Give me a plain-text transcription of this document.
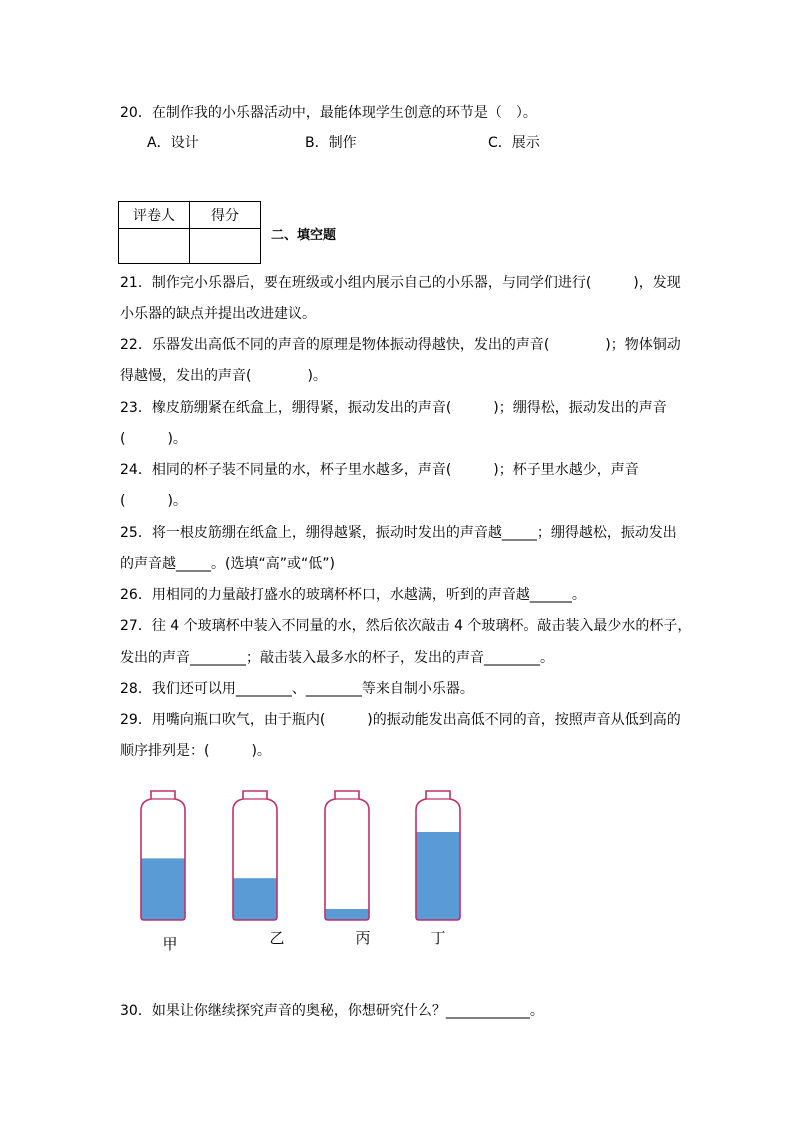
20．在制作我的小乐器活动中，最能体现学生创意的环节是（　）。
A．设计	B．制作	C．展示
评卷人	得分

二、填空题
21．制作完小乐器后，要在班级或小组内展示自己的小乐器，与同学们进行(　　　)，发现
小乐器的缺点并提出改进建议。
22．乐器发出高低不同的声音的原理是物体振动得越快，发出的声音(　　　　)；物体铜动
得越慢，发出的声音(　　　　)。
23．橡皮筋绷紧在纸盒上，绷得紧，振动发出的声音(　　　)；绷得松，振动发出的声音
(　　　)。
24．相同的杯子装不同量的水，杯子里水越多，声音(　　　)；杯子里水越少，声音
(　　　)。
25．将一根皮筋绷在纸盒上，绷得越紧，振动时发出的声音越_____；绷得越松，振动发出
的声音越_____。(选填“高”或“低”)
26．用相同的力量敲打盛水的玻璃杯杯口，水越满，听到的声音越______。
27．往 4 个玻璃杯中装入不同量的水，然后依次敲击 4 个玻璃杯。敲击装入最少水的杯子，
发出的声音________；敲击装入最多水的杯子，发出的声音________。
28．我们还可以用________、________等来自制小乐器。
29．用嘴向瓶口吹气，由于瓶内(　　　)的振动能发出高低不同的音，按照声音从低到高的
顺序排列是：(　　　)。
甲	乙	丙	丁
30．如果让你继续探究声音的奥秘，你想研究什么？____________。
